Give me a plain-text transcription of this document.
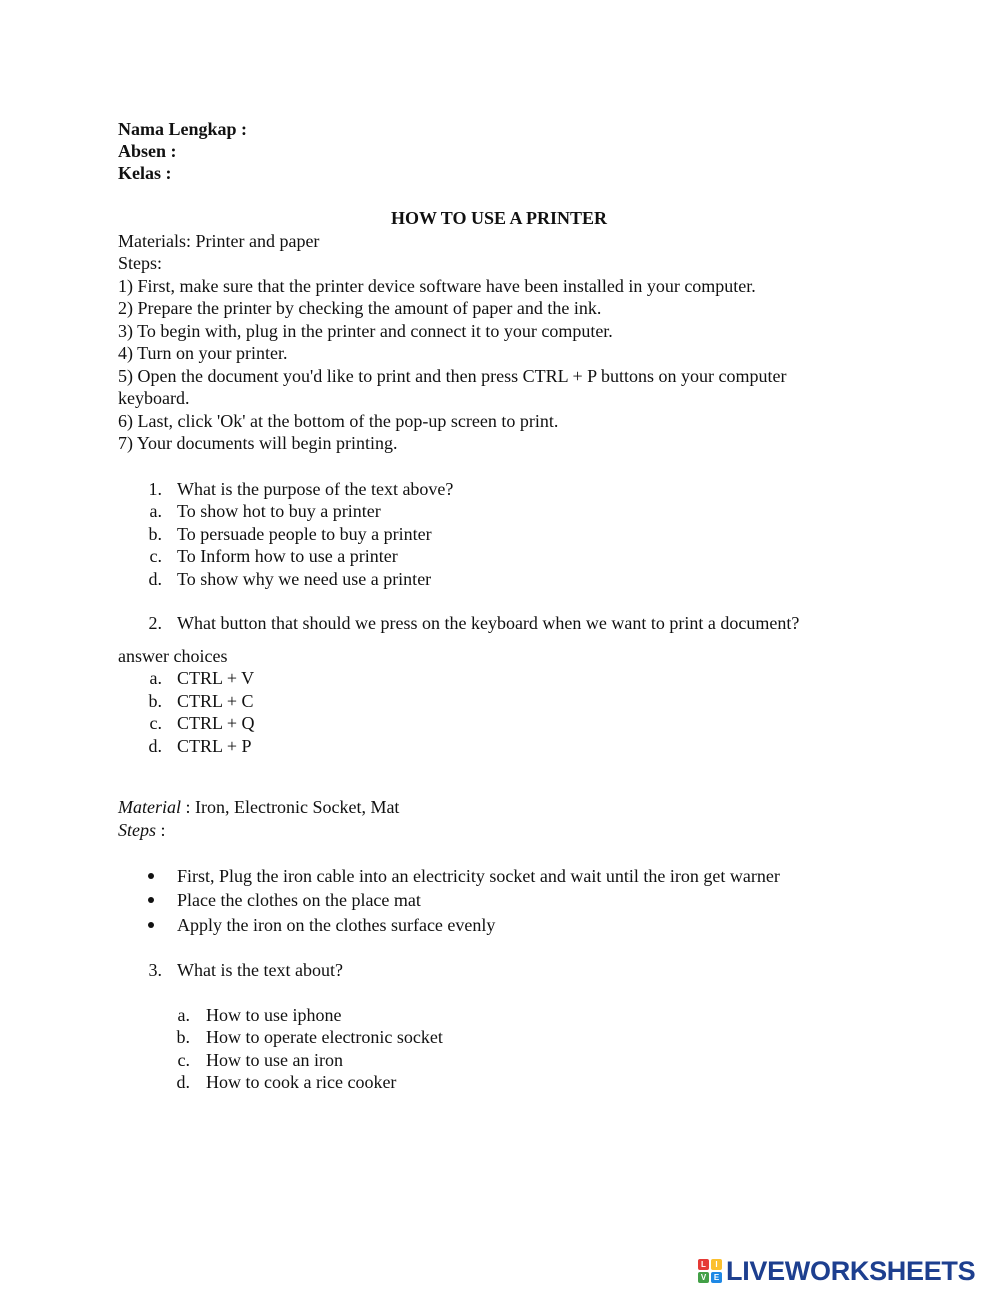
Nama Lengkap :
Absen :
Kelas :
HOW TO USE A PRINTER
Materials: Printer and paper
Steps:
1) First, make sure that the printer device software have been installed in your computer.
2) Prepare the printer by checking the amount of paper and the ink.
3) To begin with, plug in the printer and connect it to your computer.
4) Turn on your printer.
5) Open the document you'd like to print and then press CTRL + P buttons on your computer
keyboard.
6) Last, click 'Ok' at the bottom of the pop-up screen to print.
7) Your documents will begin printing.
1. What is the purpose of the text above?
a. To show hot to buy a printer
b. To persuade people to buy a printer
c. To Inform how to use a printer
d. To show why we need use a printer
2. What button that should we press on the keyboard when we want to print a document?
answer choices
a. CTRL + V
b. CTRL + C
c. CTRL + Q
d. CTRL + P
Material : Iron, Electronic Socket, Mat
Steps :
First, Plug the iron cable into an electricity socket and wait until the iron get warner
Place the clothes on the place mat
Apply the iron on the clothes surface evenly
3. What is the text about?
a. How to use iphone
b. How to operate electronic socket
c. How to use an iron
d. How to cook a rice cooker
L	I
V E LIVEWORKSHEETS
